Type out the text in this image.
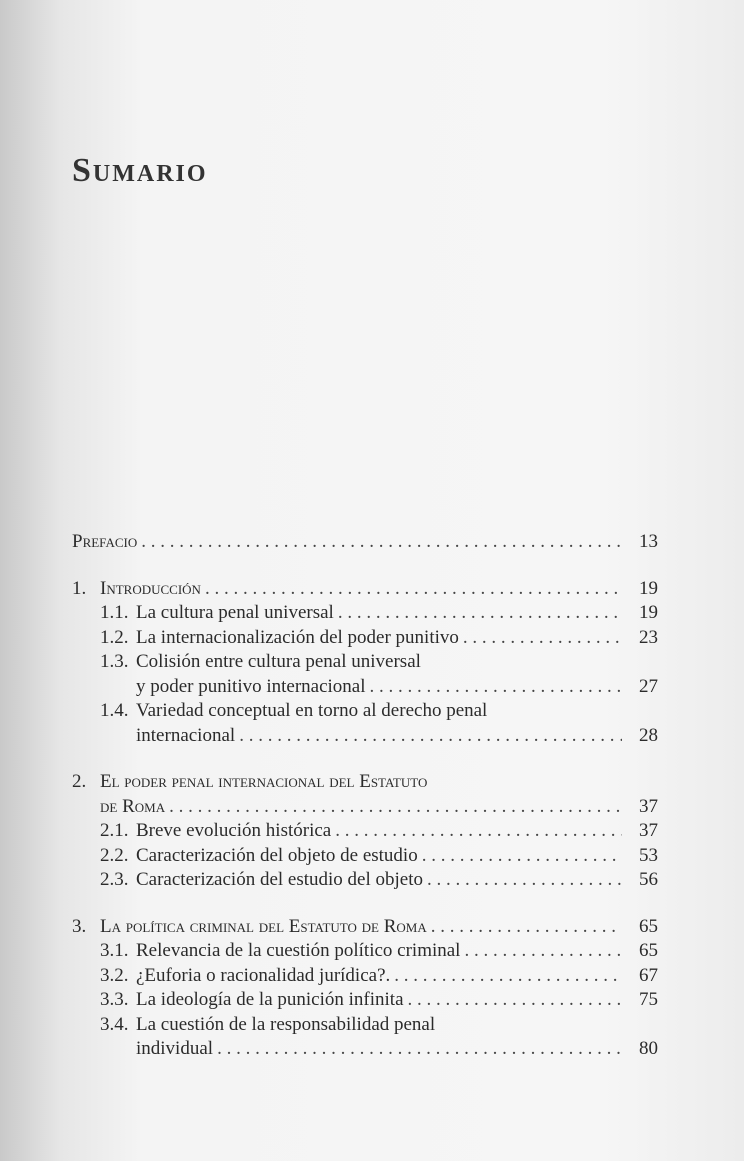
Sumario
Prefacio . . .	13
1. Introducción . . .	19
1.1. La cultura penal universal . . .	19
1.2. La internacionalización del poder punitivo . . .	23
1.3. Colisión entre cultura penal universal
y poder punitivo internacional . . .	27
1.4. Variedad conceptual en torno al derecho penal
internacional . . .	28
2. El poder penal internacional del Estatuto
de Roma . . .	37
2.1. Breve evolución histórica . . .	37
2.2. Caracterización del objeto de estudio . . .	53
2.3. Caracterización del estudio del objeto . . .	56
3. La política criminal del Estatuto de Roma . . .	65
3.1. Relevancia de la cuestión político criminal . . .	65
3.2. ¿Euforia o racionalidad jurídica?. . . .	67
3.3. La ideología de la punición infinita . . .	75
3.4. La cuestión de la responsabilidad penal
individual . . .	80
